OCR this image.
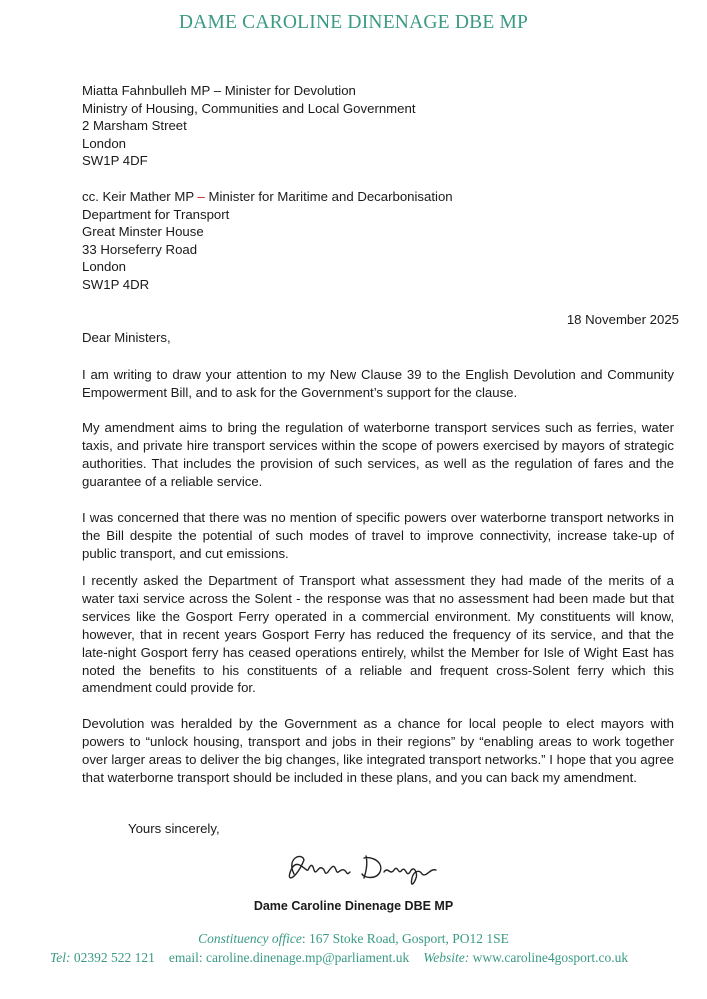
DAME CAROLINE DINENAGE DBE MP
Miatta Fahnbulleh MP – Minister for Devolution
Ministry of Housing, Communities and Local Government
2 Marsham Street
London
SW1P 4DF
cc. Keir Mather MP – Minister for Maritime and Decarbonisation
Department for Transport
Great Minster House
33 Horseferry Road
London
SW1P 4DR
18 November 2025
Dear Ministers,
I am writing to draw your attention to my New Clause 39 to the English Devolution and Community Empowerment Bill, and to ask for the Government’s support for the clause.
My amendment aims to bring the regulation of waterborne transport services such as ferries, water taxis, and private hire transport services within the scope of powers exercised by mayors of strategic authorities. That includes the provision of such services, as well as the regulation of fares and the guarantee of a reliable service.
I was concerned that there was no mention of specific powers over waterborne transport networks in the Bill despite the potential of such modes of travel to improve connectivity, increase take-up of public transport, and cut emissions.
I recently asked the Department of Transport what assessment they had made of the merits of a water taxi service across the Solent - the response was that no assessment had been made but that services like the Gosport Ferry operated in a commercial environment. My constituents will know, however, that in recent years Gosport Ferry has reduced the frequency of its service, and that the late-night Gosport ferry has ceased operations entirely, whilst the Member for Isle of Wight East has noted the benefits to his constituents of a reliable and frequent cross-Solent ferry which this amendment could provide for.
Devolution was heralded by the Government as a chance for local people to elect mayors with powers to “unlock housing, transport and jobs in their regions” by “enabling areas to work together over larger areas to deliver the big changes, like integrated transport networks.” I hope that you agree that waterborne transport should be included in these plans, and you can back my amendment.
Yours sincerely,
Dame Caroline Dinenage DBE MP
Constituency office: 167 Stoke Road, Gosport, PO12 1SE
Tel: 02392 522 121 email: caroline.dinenage.mp@parliament.uk Website: www.caroline4gosport.co.uk
